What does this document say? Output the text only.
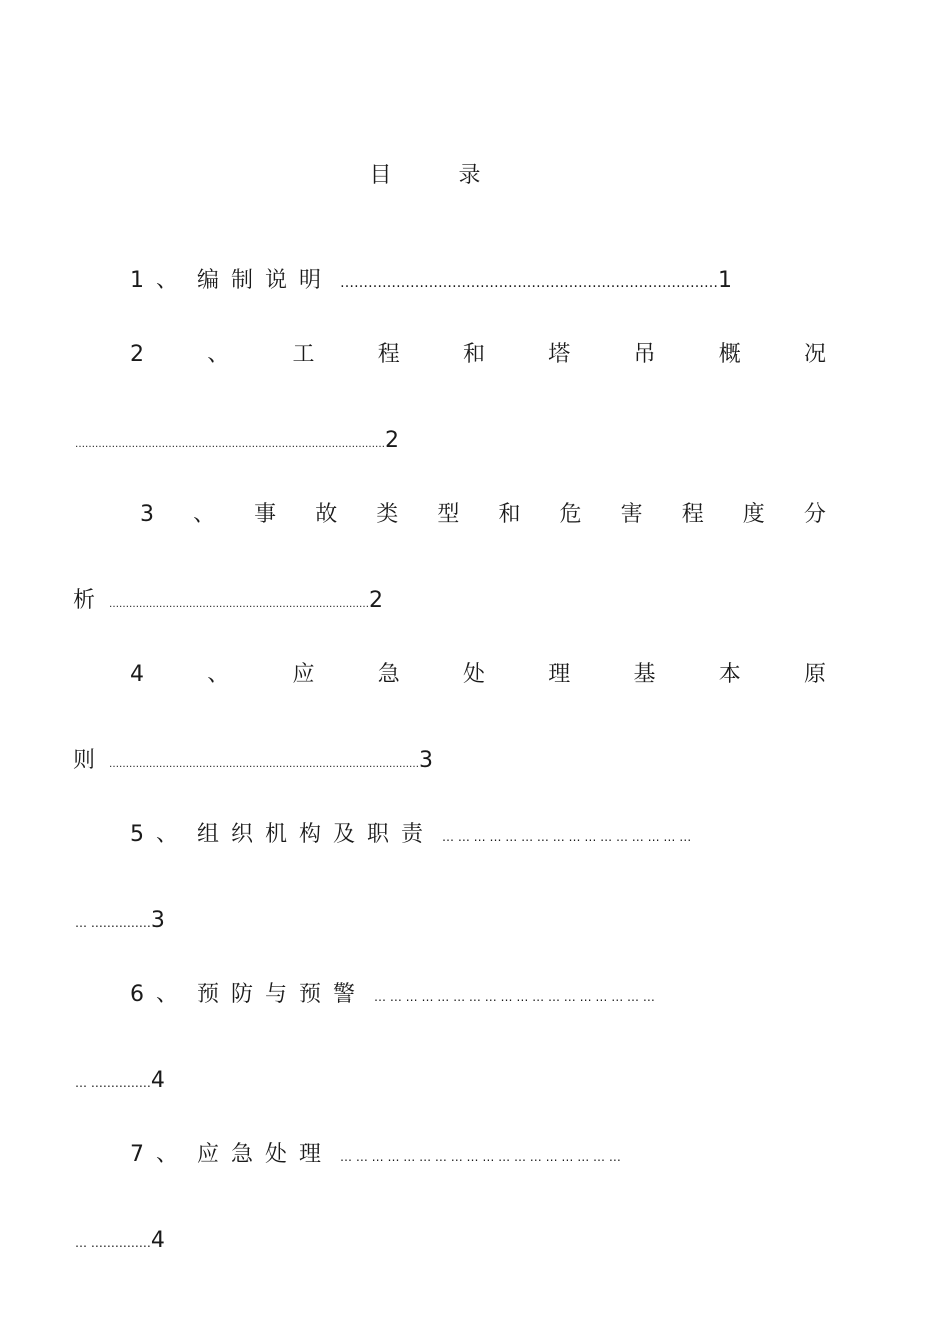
目 录
1、 编制说明 ………………………………………………………………………1
2	、	工	程	和	塔	吊	概	况
…………………………………………………………………………………2
3 、 事 故 类 型 和 危 害 程 度 分
析 ……………………………………………………………………2
4	、	应	急	处	理	基	本	原
则 …………………………………………………………………………………3
5、 组织机构及职责 … … … … … … … … … … … … … … … …
… ……………3
6、 预防与预警 … … … … … … … … … … … … … … … … … …
… ……………4
7、 应急处理 … … … … … … … … … … … … … … … … … …
… ……………4
